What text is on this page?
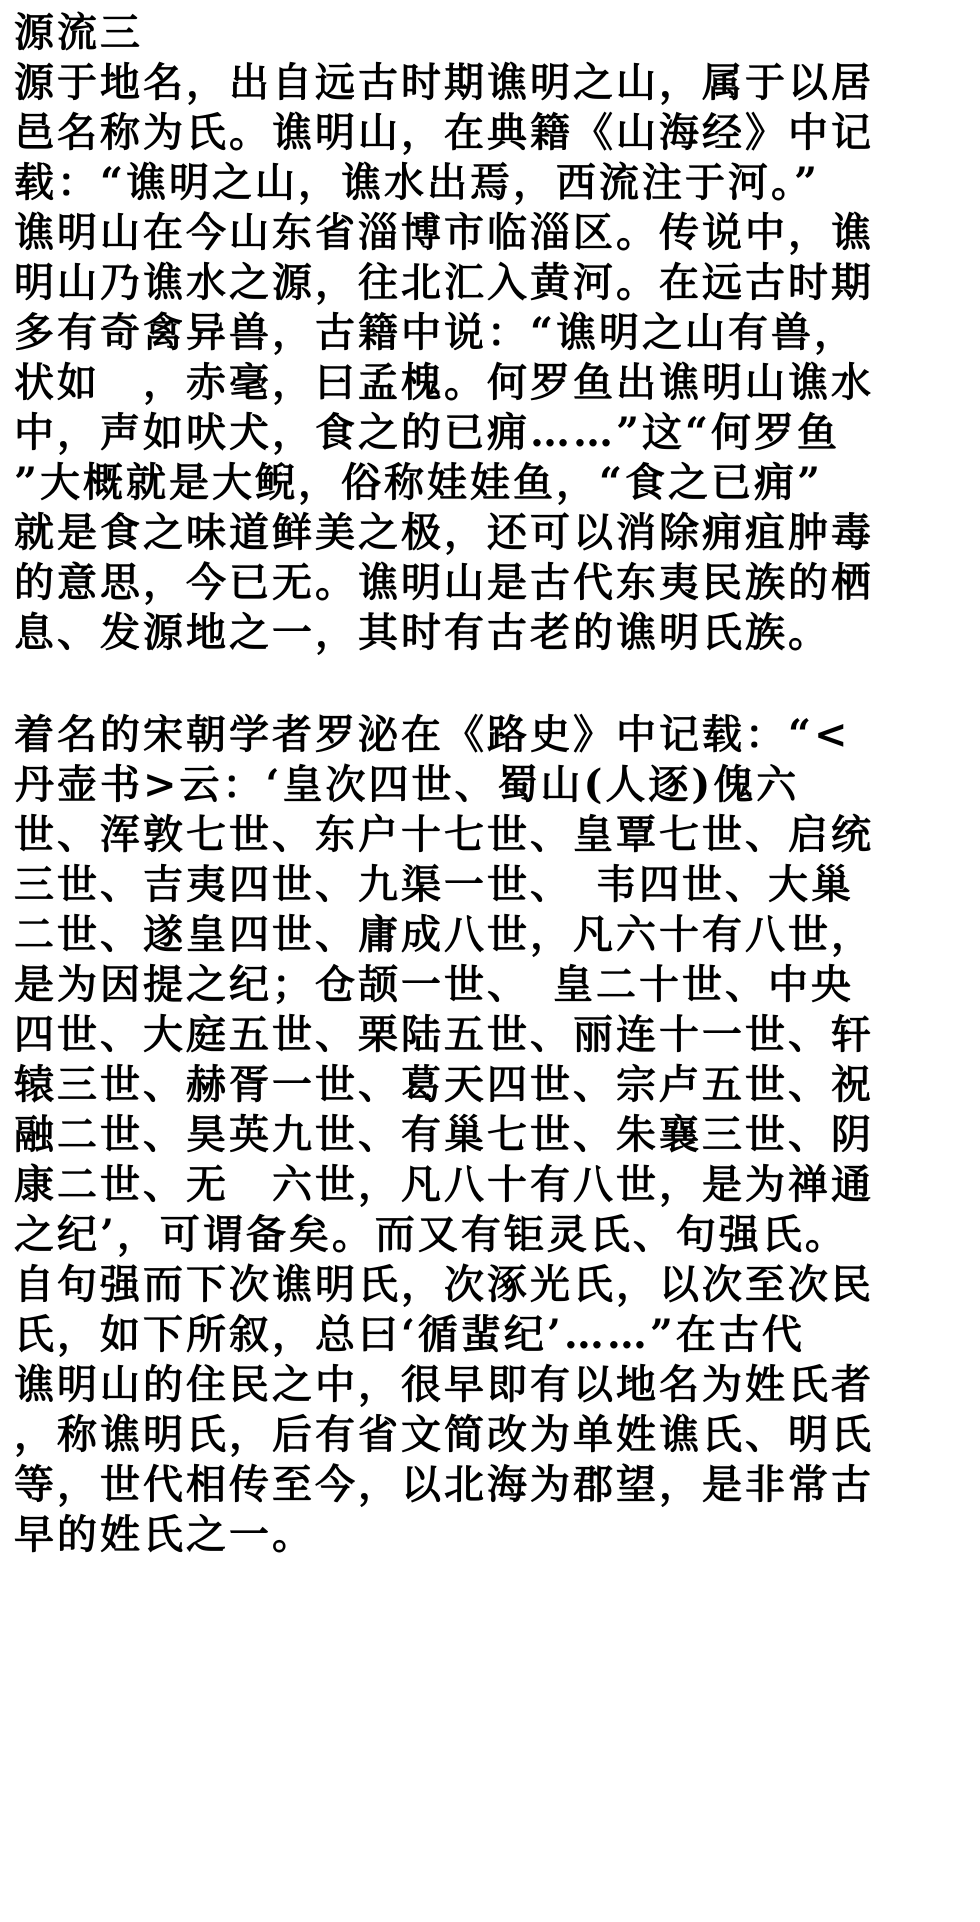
源流三
源于地名，出自远古时期谯明之山，属于以居
邑名称为氏。谯明山，在典籍《山海经》中记
载：“谯明之山，谯水出焉，西流注于河。”
谯明山在今山东省淄博市临淄区。传说中，谯
明山乃谯水之源，往北汇入黄河。在远古时期
多有奇禽异兽，古籍中说：“谯明之山有兽，
状如　，赤毫，曰孟槐。何罗鱼出谯明山谯水
中，声如吠犬，食之的已痈……”这“何罗鱼
”大概就是大鲵，俗称娃娃鱼，“食之已痈”
就是食之味道鲜美之极，还可以消除痈疽肿毒
的意思，今已无。谯明山是古代东夷民族的栖
息、发源地之一，其时有古老的谯明氏族。
着名的宋朝学者罗泌在《路史》中记载：“<
丹壶书>云：‘皇次四世、蜀山(人逐)傀六
世、浑敦七世、东户十七世、皇覃七世、启统
三世、吉夷四世、九渠一世、　韦四世、大巢
二世、遂皇四世、庸成八世，凡六十有八世，
是为因提之纪；仓颉一世、　皇二十世、中央
四世、大庭五世、栗陆五世、丽连十一世、轩
辕三世、赫胥一世、葛天四世、宗卢五世、祝
融二世、昊英九世、有巢七世、朱襄三世、阴
康二世、无　六世，凡八十有八世，是为禅通
之纪’，可谓备矣。而又有钜灵氏、句强氏。
自句强而下次谯明氏，次涿光氏，以次至次民
氏，如下所叙，总曰‘循蜚纪’……”在古代
谯明山的住民之中，很早即有以地名为姓氏者
，称谯明氏，后有省文简改为单姓谯氏、明氏
等，世代相传至今，以北海为郡望，是非常古
早的姓氏之一。
